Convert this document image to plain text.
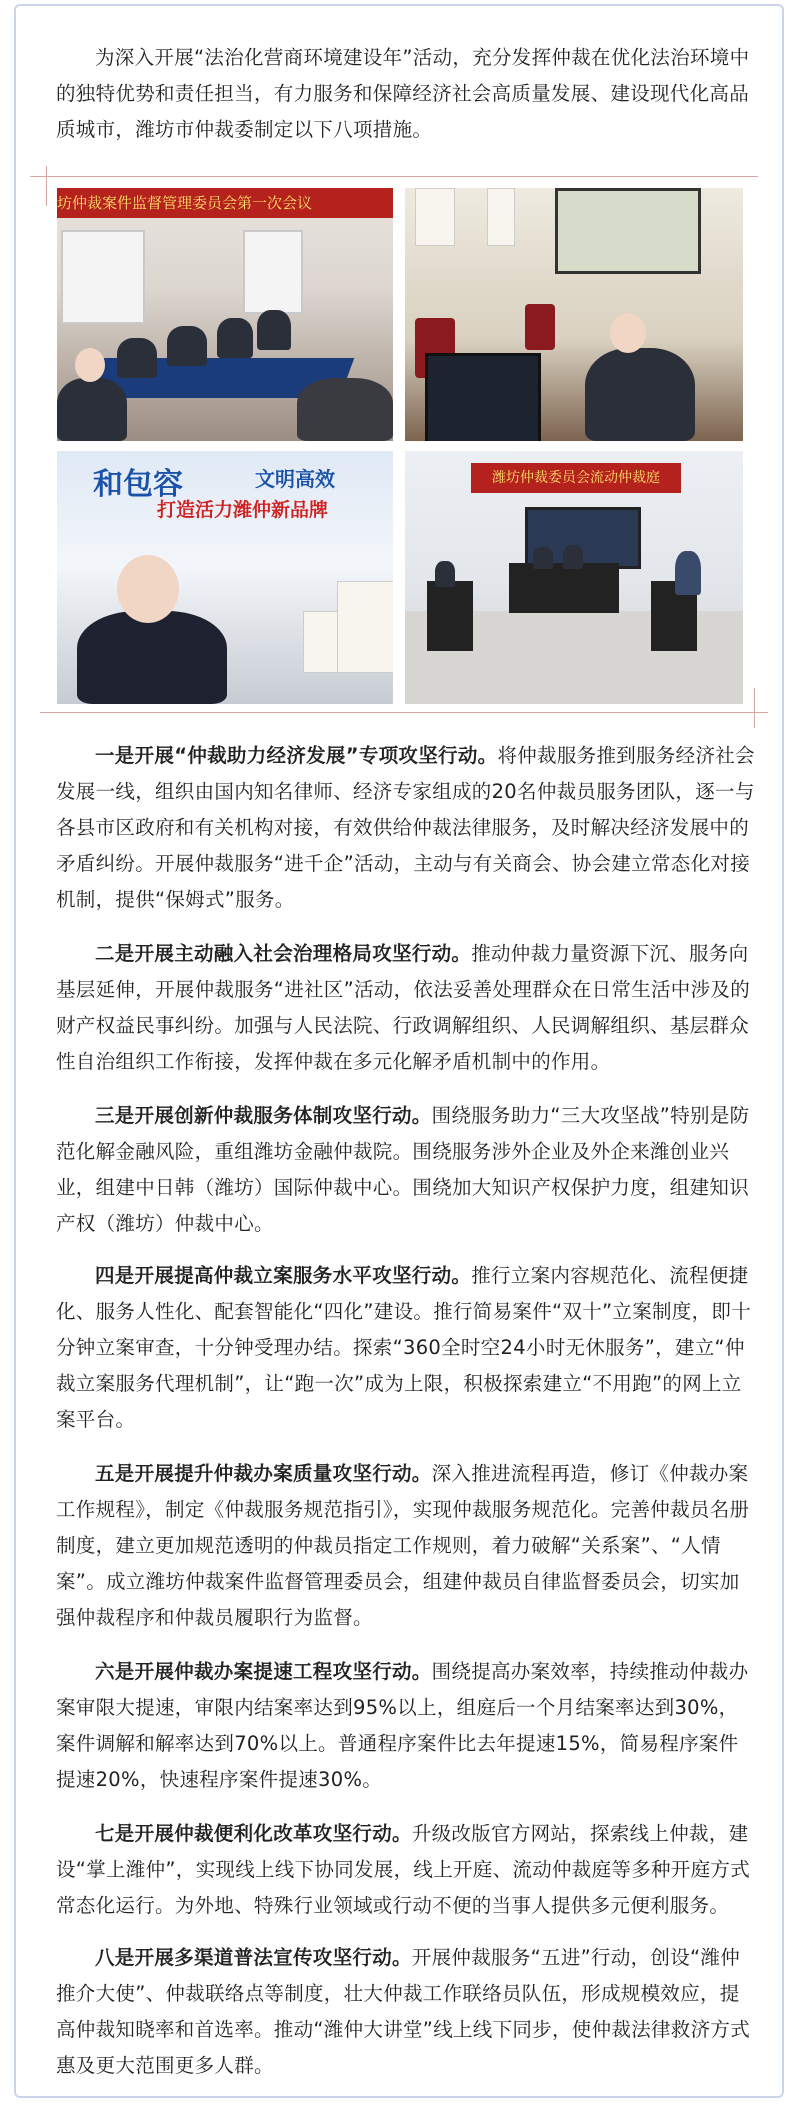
为深入开展“法治化营商环境建设年”活动，充分发挥仲裁在优化法治环境中的独特优势和责任担当，有力服务和保障经济社会高质量发展、建设现代化高品质城市，潍坊市仲裁委制定以下八项措施。

坊仲裁案件监督管理委员会第一次会议
和包容	文明高效
打造活力潍仲新品牌
潍坊仲裁委员会流动仲裁庭

一是开展“仲裁助力经济发展”专项攻坚行动。将仲裁服务推到服务经济社会发展一线，组织由国内知名律师、经济专家组成的20名仲裁员服务团队，逐一与各县市区政府和有关机构对接，有效供给仲裁法律服务，及时解决经济发展中的矛盾纠纷。开展仲裁服务“进千企”活动，主动与有关商会、协会建立常态化对接机制，提供“保姆式”服务。

二是开展主动融入社会治理格局攻坚行动。推动仲裁力量资源下沉、服务向基层延伸，开展仲裁服务“进社区”活动，依法妥善处理群众在日常生活中涉及的财产权益民事纠纷。加强与人民法院、行政调解组织、人民调解组织、基层群众性自治组织工作衔接，发挥仲裁在多元化解矛盾机制中的作用。

三是开展创新仲裁服务体制攻坚行动。围绕服务助力“三大攻坚战”特别是防范化解金融风险，重组潍坊金融仲裁院。围绕服务涉外企业及外企来潍创业兴业，组建中日韩（潍坊）国际仲裁中心。围绕加大知识产权保护力度，组建知识产权（潍坊）仲裁中心。

四是开展提高仲裁立案服务水平攻坚行动。推行立案内容规范化、流程便捷化、服务人性化、配套智能化“四化”建设。推行简易案件“双十”立案制度，即十分钟立案审查，十分钟受理办结。探索“360全时空24小时无休服务”，建立“仲裁立案服务代理机制”，让“跑一次”成为上限，积极探索建立“不用跑”的网上立案平台。

五是开展提升仲裁办案质量攻坚行动。深入推进流程再造，修订《仲裁办案工作规程》，制定《仲裁服务规范指引》，实现仲裁服务规范化。完善仲裁员名册制度，建立更加规范透明的仲裁员指定工作规则，着力破解“关系案”、“人情案”。成立潍坊仲裁案件监督管理委员会，组建仲裁员自律监督委员会，切实加强仲裁程序和仲裁员履职行为监督。

六是开展仲裁办案提速工程攻坚行动。围绕提高办案效率，持续推动仲裁办案审限大提速，审限内结案率达到95%以上，组庭后一个月结案率达到30%，案件调解和解率达到70%以上。普通程序案件比去年提速15%，简易程序案件提速20%，快速程序案件提速30%。

七是开展仲裁便利化改革攻坚行动。升级改版官方网站，探索线上仲裁，建设“掌上潍仲”，实现线上线下协同发展，线上开庭、流动仲裁庭等多种开庭方式常态化运行。为外地、特殊行业领域或行动不便的当事人提供多元便利服务。

八是开展多渠道普法宣传攻坚行动。开展仲裁服务“五进”行动，创设“潍仲推介大使”、仲裁联络点等制度，壮大仲裁工作联络员队伍，形成规模效应，提高仲裁知晓率和首选率。推动“潍仲大讲堂”线上线下同步，使仲裁法律救济方式惠及更大范围更多人群。
